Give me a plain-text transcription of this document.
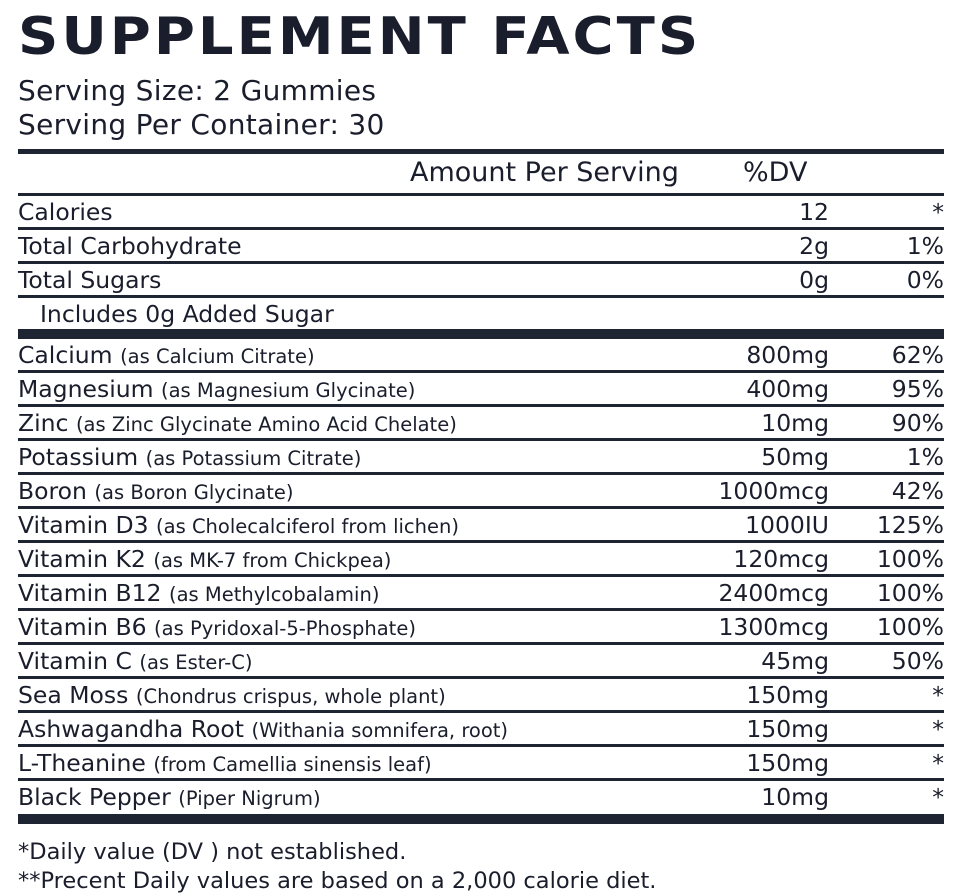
SUPPLEMENT FACTS
Serving Size: 2 Gummies
Serving Per Container: 30
Amount Per Serving %DV
Calories	12	*
Total Carbohydrate	2g	1%
Total Sugars	0g	0%
Includes 0g Added Sugar
Calcium (as Calcium Citrate)	800mg	62%
Magnesium (as Magnesium Glycinate)	400mg	95%
Zinc (as Zinc Glycinate Amino Acid Chelate)	10mg	90%
Potassium (as Potassium Citrate)	50mg	1%
Boron (as Boron Glycinate)	1000mcg	42%
Vitamin D3 (as Cholecalciferol from lichen)	1000IU 125%
Vitamin K2 (as MK-7 from Chickpea)	120mcg 100%
Vitamin B12 (as Methylcobalamin)	2400mcg 100%
Vitamin B6 (as Pyridoxal-5-Phosphate)	1300mcg 100%
Vitamin C (as Ester-C)	45mg	50%
Sea Moss (Chondrus crispus, whole plant)	150mg	*
Ashwagandha Root (Withania somnifera, root)	150mg	*
L-Theanine (from Camellia sinensis leaf)	150mg	*
Black Pepper (Piper Nigrum)	10mg	*
*Daily value (DV ) not established.
**Precent Daily values are based on a 2,000 calorie diet.
